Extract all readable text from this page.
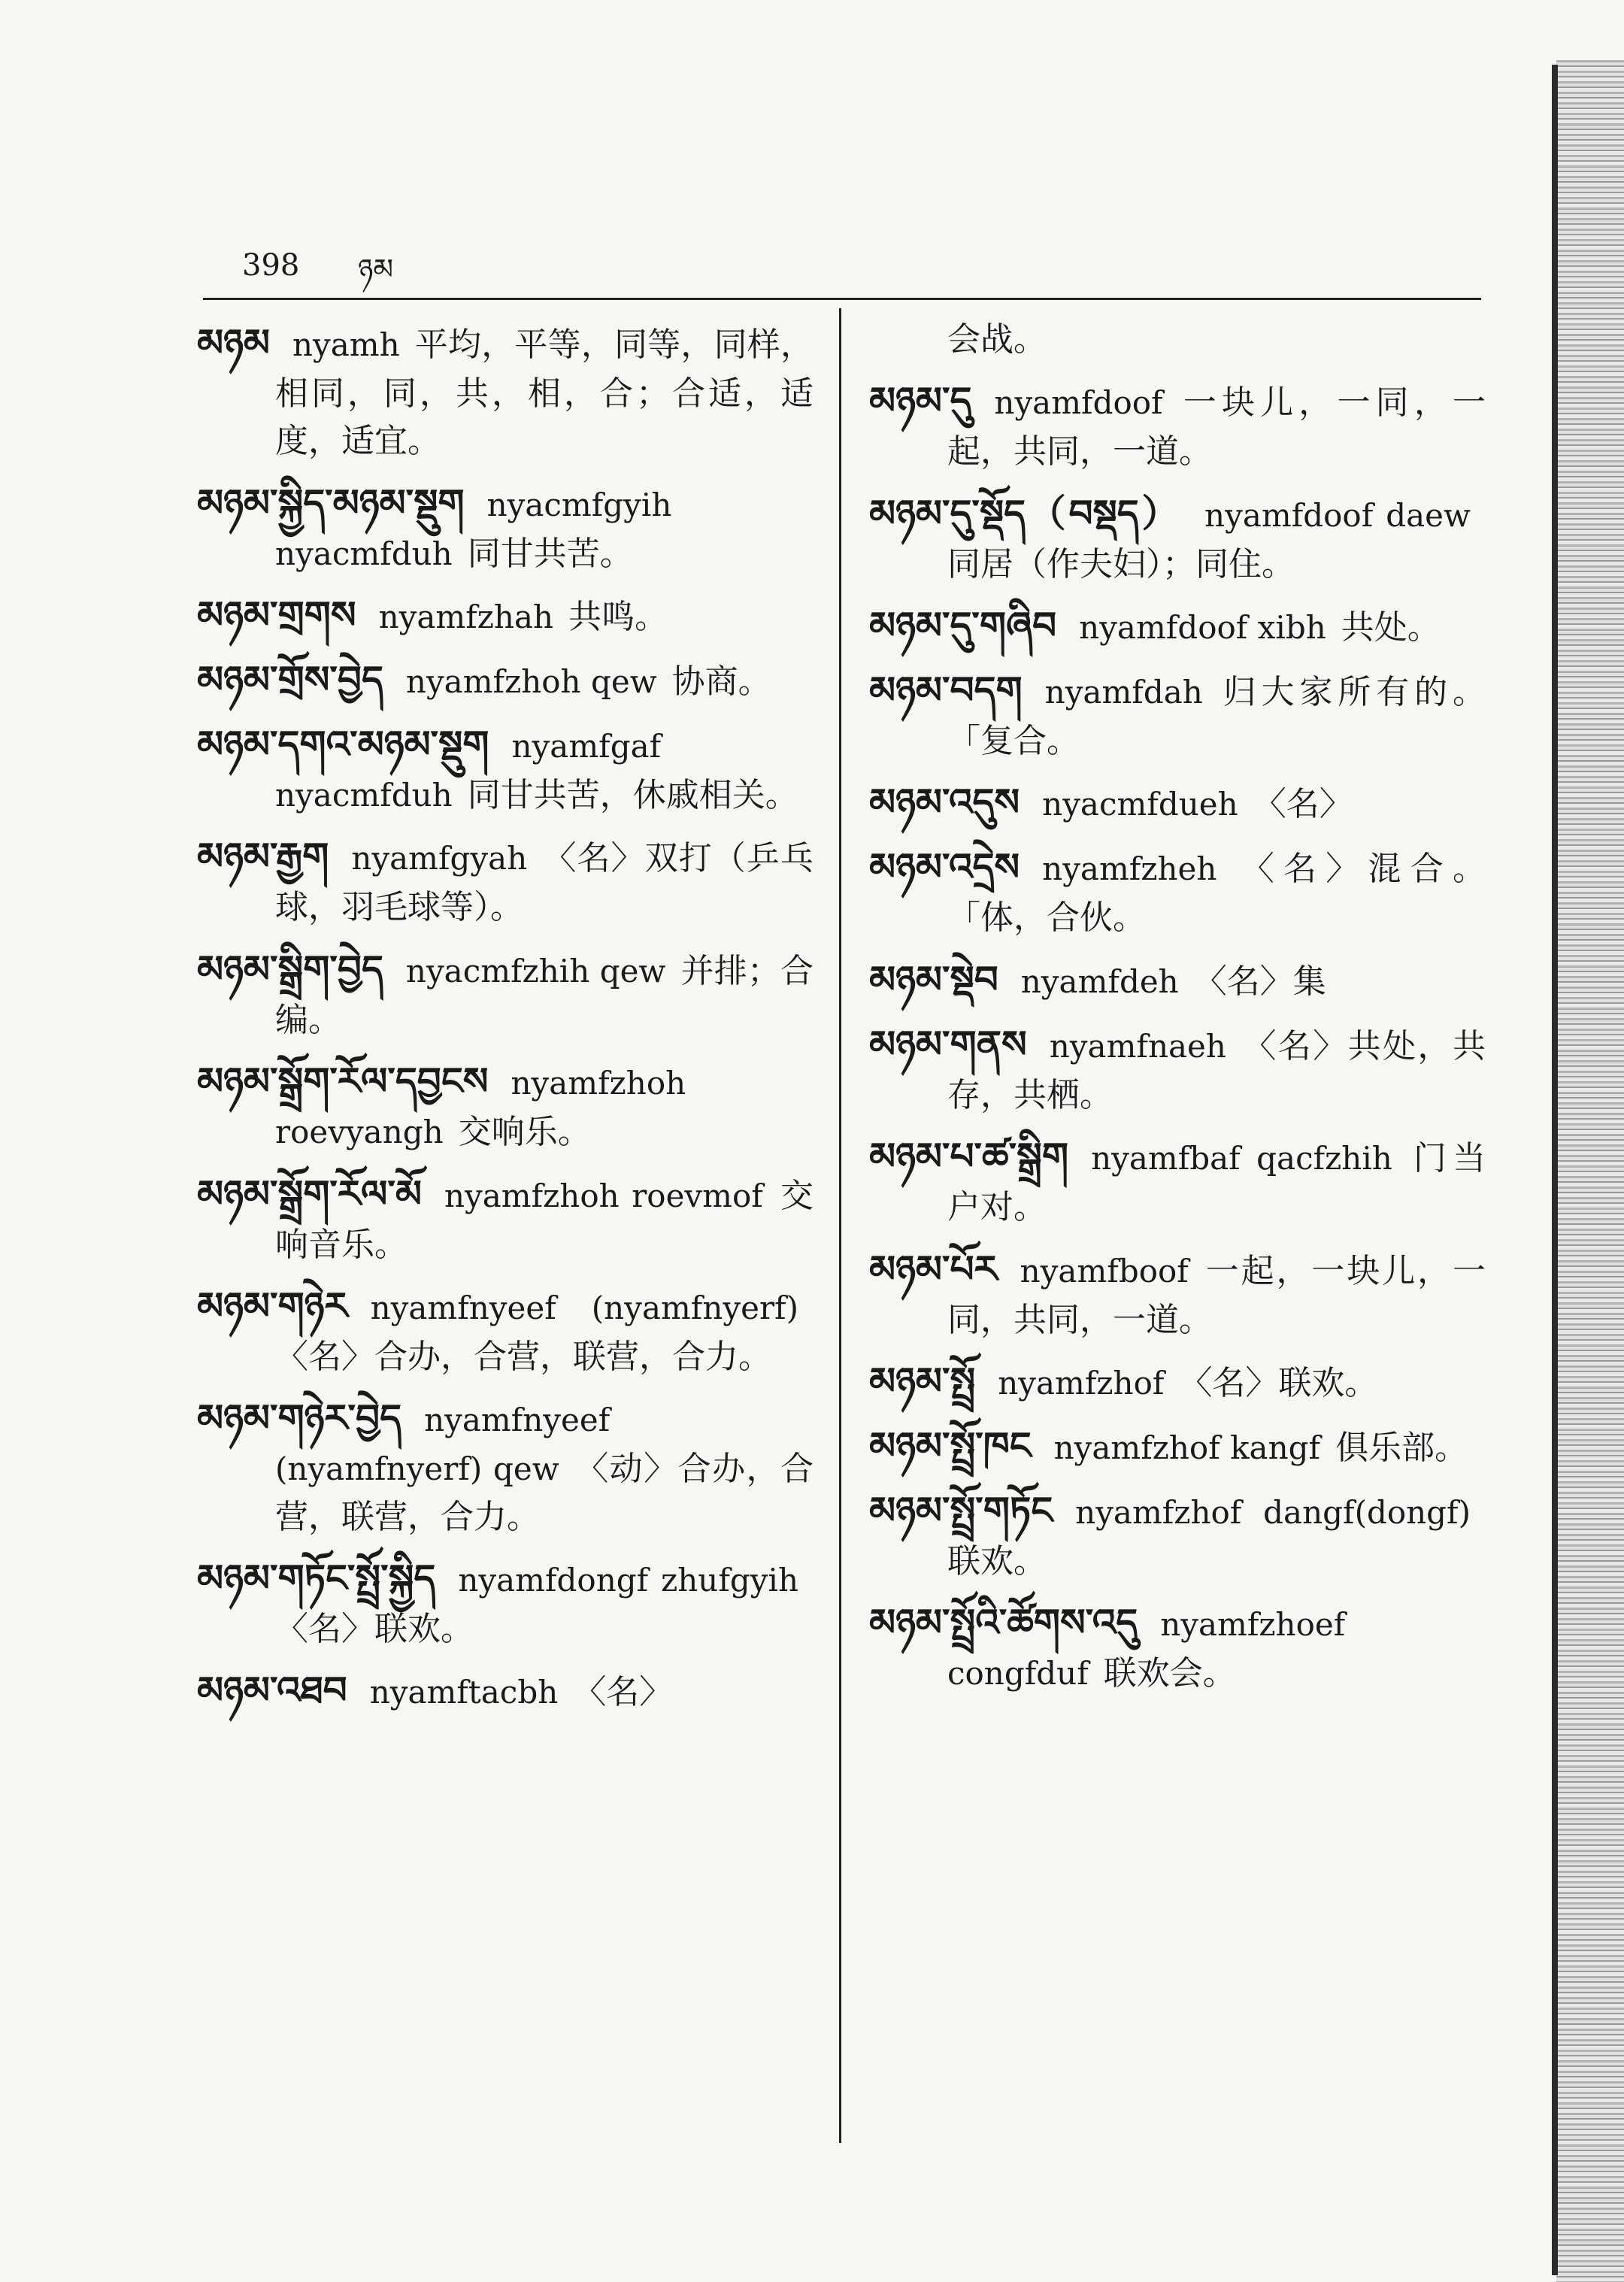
398 ཉམ
མཉམ nyamh 平均，平等，同等，同样，相同，同，共，相，合；合适，适度，适宜。
མཉམ་སྐྱིད་མཉམ་སྡུག nyacmfgyih nyacmfduh 同甘共苦。
མཉམ་གྲགས nyamfzhah 共鸣。
མཉམ་གྲོས་བྱེད nyamfzhoh qew 协商。
མཉམ་དགའ་མཉམ་སྡུག nyamfgaf nyacmfduh 同甘共苦，休戚相关。
མཉམ་རྒྱག nyamfgyah 〈名〉双打（乒乓球，羽毛球等）。
མཉམ་སྒྲིག་བྱེད nyacmfzhih qew 并排；合编。
མཉམ་སྒྲོག་རོལ་དབྱངས nyamfzhoh roevyangh 交响乐。
མཉམ་སྒྲོག་རོལ་མོ nyamfzhoh roevmof 交响音乐。
མཉམ་གཉེར nyamfnyeef (nyamfnyerf)〈名〉合办，合营，联营，合力。
མཉམ་གཉེར་བྱེད nyamfnyeef (nyamfnyerf) qew 〈动〉合办，合营，联营，合力。
མཉམ་གཏོང་སྤྲོ་སྐྱིད nyamfdongf zhufgyih〈名〉联欢。
མཉམ་འཐབ nyamftacbh 〈名〉
会战。
མཉམ་དུ nyamfdoof 一块儿，一同，一起，共同，一道。
མཉམ་དུ་སྡོད（བསྡད） nyamfdoof daew同居（作夫妇）；同住。
མཉམ་དུ་གཞིབ nyamfdoof xibh 共处。
མཉམ་བདག nyamfdah 归大家所有的。「复合。
མཉམ་འདུས nyacmfdueh 〈名〉
མཉམ་འདྲེས nyamfzheh 〈名〉混合。「体，合伙。
མཉམ་སྡེབ nyamfdeh 〈名〉集
མཉམ་གནས nyamfnaeh 〈名〉共处，共存，共栖。
མཉམ་པ་ཚ་སྒྲིག nyamfbaf qacfzhih 门当户对。
མཉམ་པོར nyamfboof 一起，一块儿，一同，共同，一道。
མཉམ་སྤྲོ nyamfzhof 〈名〉联欢。
མཉམ་སྤྲོ་ཁང nyamfzhof kangf 俱乐部。
མཉམ་སྤྲོ་གཏོང nyamfzhof dangf(dongf)联欢。
མཉམ་སྤྲོའི་ཚོགས་འདུ nyamfzhoef congfduf 联欢会。
